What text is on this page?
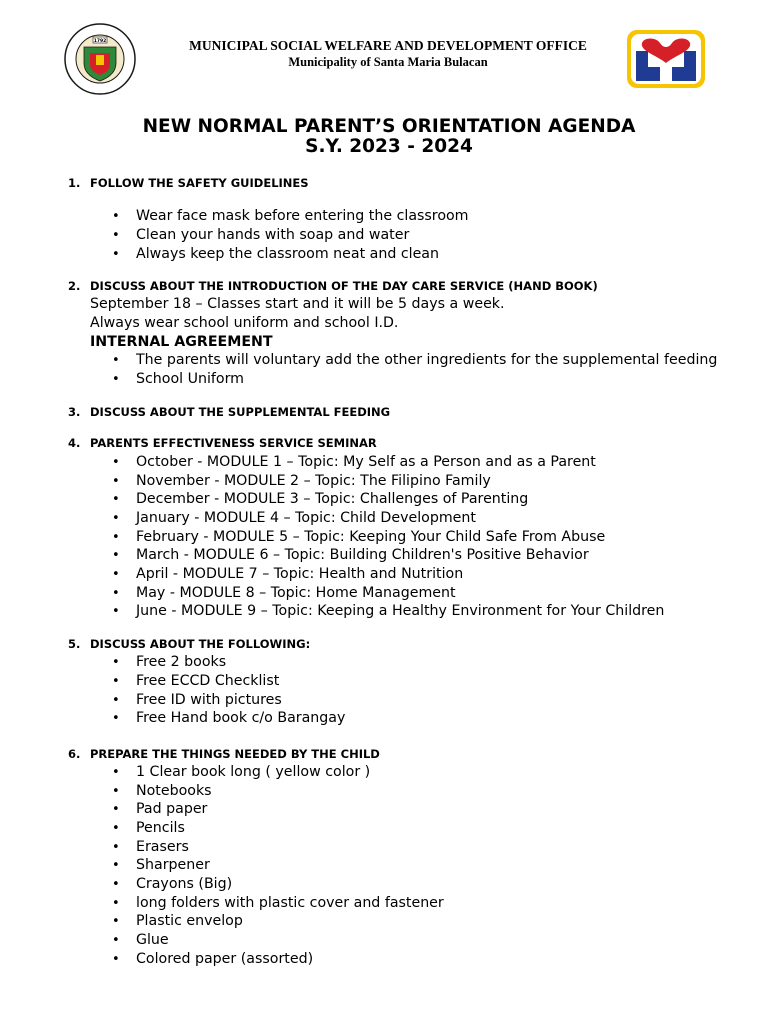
1792	MUNICIPAL SOCIAL WELFARE AND DEVELOPMENT OFFICE
Municipality of Santa Maria Bulacan
NEW NORMAL PARENT’S ORIENTATION AGENDA
S.Y. 2023 - 2024
1. FOLLOW THE SAFETY GUIDELINES
• Wear face mask before entering the classroom
• Clean your hands with soap and water
• Always keep the classroom neat and clean
2. DISCUSS ABOUT THE INTRODUCTION OF THE DAY CARE SERVICE (HAND BOOK)
September 18 – Classes start and it will be 5 days a week.
Always wear school uniform and school I.D.
INTERNAL AGREEMENT
• The parents will voluntary add the other ingredients for the supplemental feeding
• School Uniform
3. DISCUSS ABOUT THE SUPPLEMENTAL FEEDING
4. PARENTS EFFECTIVENESS SERVICE SEMINAR
• October - MODULE 1 – Topic: My Self as a Person and as a Parent
• November - MODULE 2 – Topic: The Filipino Family
• December - MODULE 3 – Topic: Challenges of Parenting
• January - MODULE 4 – Topic: Child Development
• February - MODULE 5 – Topic: Keeping Your Child Safe From Abuse
• March - MODULE 6 – Topic: Building Children's Positive Behavior
• April - MODULE 7 – Topic: Health and Nutrition
• May - MODULE 8 – Topic: Home Management
• June - MODULE 9 – Topic: Keeping a Healthy Environment for Your Children
5. DISCUSS ABOUT THE FOLLOWING:
• Free 2 books
• Free ECCD Checklist
• Free ID with pictures
• Free Hand book c/o Barangay
6. PREPARE THE THINGS NEEDED BY THE CHILD
• 1 Clear book long ( yellow color )
• Notebooks
• Pad paper
• Pencils
• Erasers
• Sharpener
• Crayons (Big)
• long folders with plastic cover and fastener
• Plastic envelop
• Glue
• Colored paper (assorted)
